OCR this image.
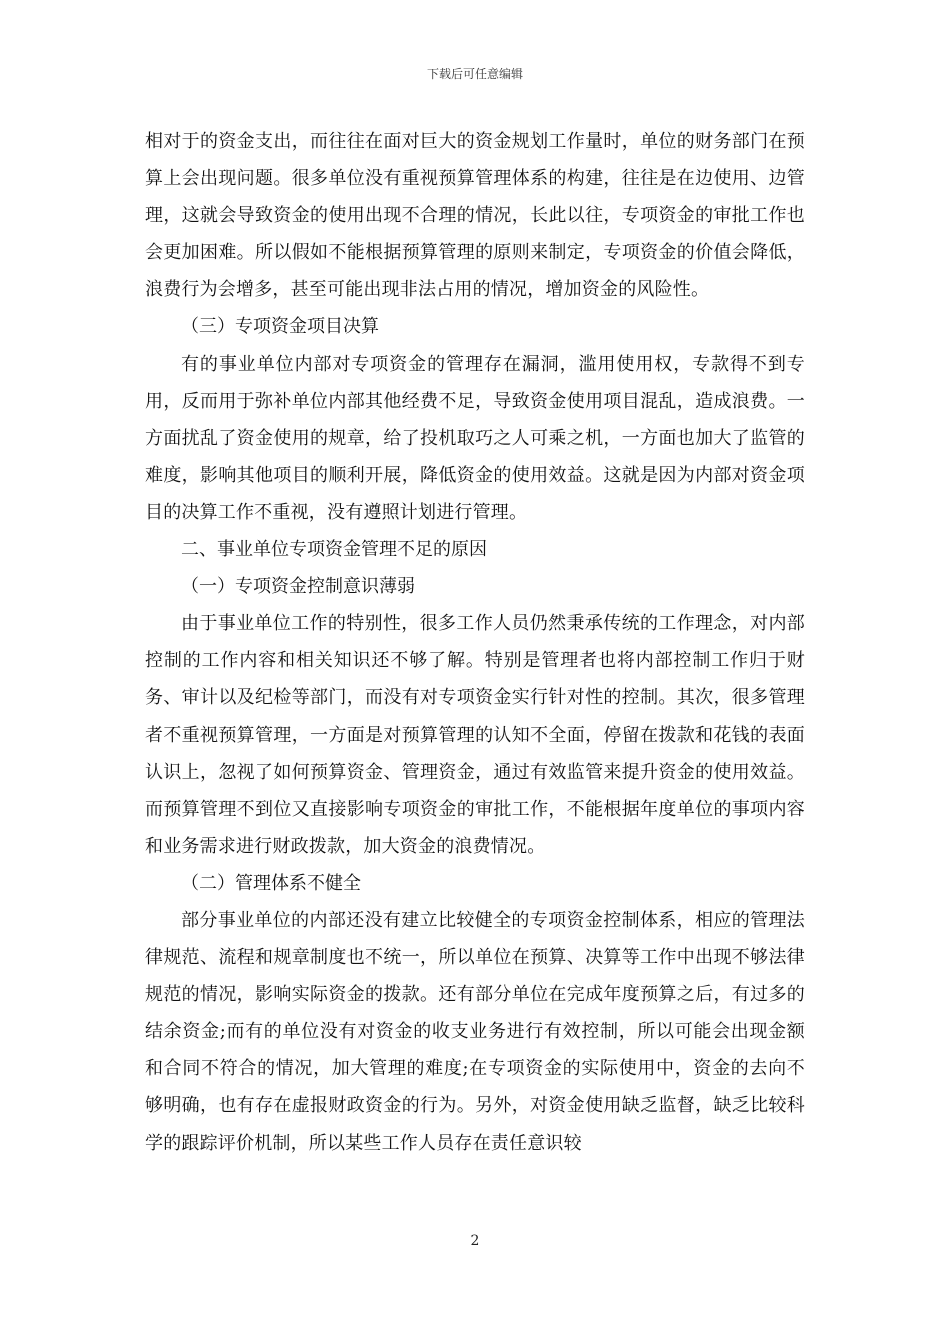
下载后可任意编辑

相对于的资金支出，而往往在面对巨大的资金规划工作量时，单位的财务部门在预算上会出现问题。很多单位没有重视预算管理体系的构建，往往是在边使用、边管理，这就会导致资金的使用出现不合理的情况，长此以往，专项资金的审批工作也会更加困难。所以假如不能根据预算管理的原则来制定，专项资金的价值会降低，浪费行为会增多，甚至可能出现非法占用的情况，增加资金的风险性。

（三）专项资金项目决算

有的事业单位内部对专项资金的管理存在漏洞，滥用使用权，专款得不到专用，反而用于弥补单位内部其他经费不足，导致资金使用项目混乱，造成浪费。一方面扰乱了资金使用的规章，给了投机取巧之人可乘之机，一方面也加大了监管的难度，影响其他项目的顺利开展，降低资金的使用效益。这就是因为内部对资金项目的决算工作不重视，没有遵照计划进行管理。

二、事业单位专项资金管理不足的原因

（一）专项资金控制意识薄弱

由于事业单位工作的特别性，很多工作人员仍然秉承传统的工作理念，对内部控制的工作内容和相关知识还不够了解。特别是管理者也将内部控制工作归于财务、审计以及纪检等部门，而没有对专项资金实行针对性的控制。其次，很多管理者不重视预算管理，一方面是对预算管理的认知不全面，停留在拨款和花钱的表面认识上，忽视了如何预算资金、管理资金，通过有效监管来提升资金的使用效益。而预算管理不到位又直接影响专项资金的审批工作，不能根据年度单位的事项内容和业务需求进行财政拨款，加大资金的浪费情况。

（二）管理体系不健全

部分事业单位的内部还没有建立比较健全的专项资金控制体系，相应的管理法律规范、流程和规章制度也不统一，所以单位在预算、决算等工作中出现不够法律规范的情况，影响实际资金的拨款。还有部分单位在完成年度预算之后，有过多的结余资金;而有的单位没有对资金的收支业务进行有效控制，所以可能会出现金额和合同不符合的情况，加大管理的难度;在专项资金的实际使用中，资金的去向不够明确，也有存在虚报财政资金的行为。另外，对资金使用缺乏监督，缺乏比较科学的跟踪评价机制，所以某些工作人员存在责任意识较

2
